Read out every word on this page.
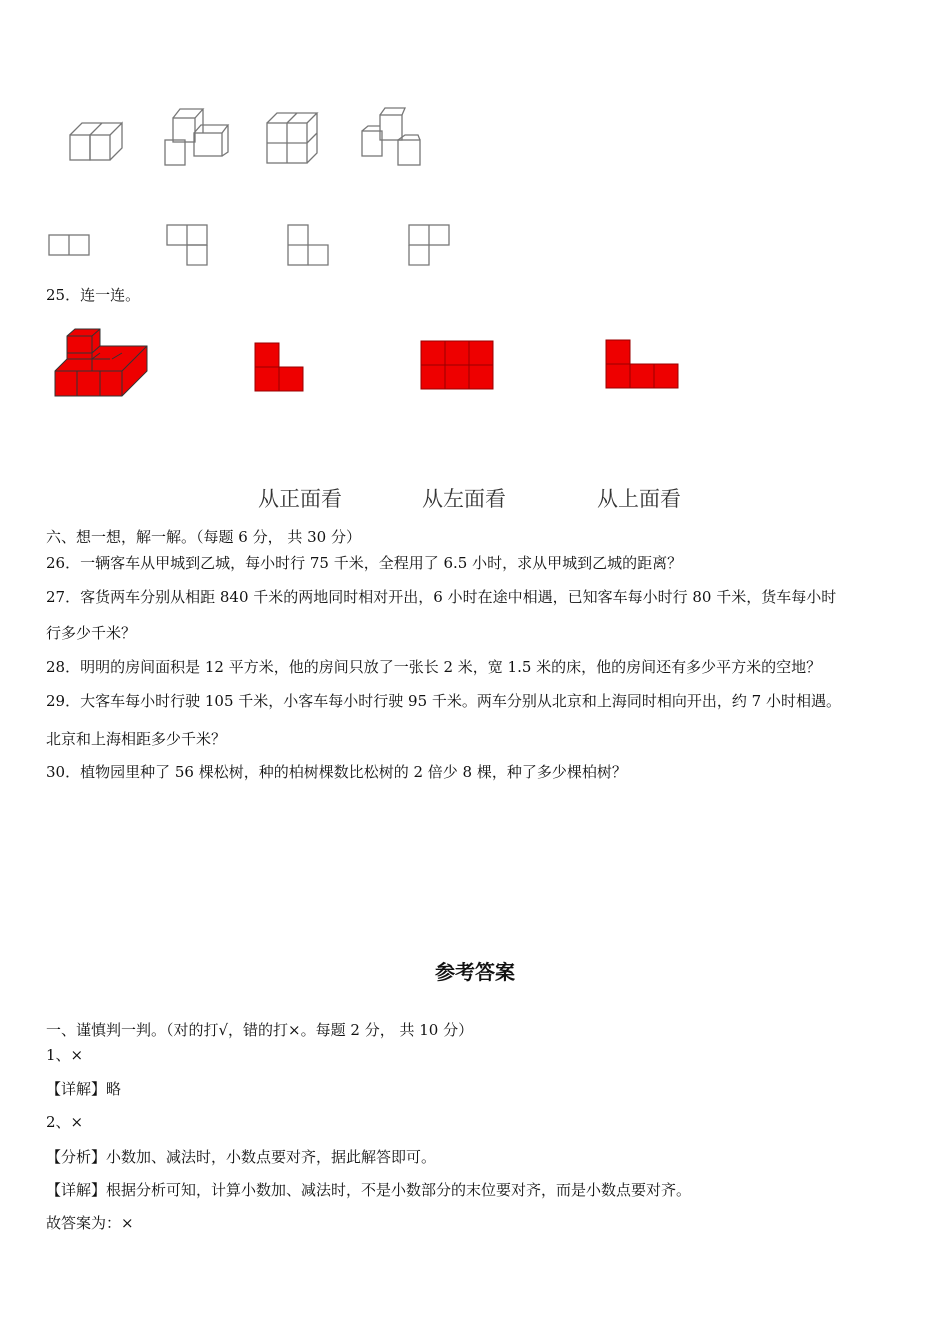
25．连一连。
从正面看	从左面看	从上面看
六、想一想，解一解。（每题 6 分， 共 30 分）
26．一辆客车从甲城到乙城，每小时行 75 千米，全程用了 6.5 小时，求从甲城到乙城的距离？
27．客货两车分别从相距 840 千米的两地同时相对开出，6 小时在途中相遇，已知客车每小时行 80 千米，货车每小时
行多少千米？
28．明明的房间面积是 12 平方米，他的房间只放了一张长 2 米，宽 1.5 米的床，他的房间还有多少平方米的空地？
29．大客车每小时行驶 105 千米，小客车每小时行驶 95 千米。两车分别从北京和上海同时相向开出，约 7 小时相遇。
北京和上海相距多少千米？
30．植物园里种了 56 棵松树，种的柏树棵数比松树的 2 倍少 8 棵，种了多少棵柏树？
参考答案
一、谨慎判一判。（对的打√，错的打×。每题 2 分， 共 10 分）
1、×
【详解】略
2、×
【分析】小数加、减法时，小数点要对齐，据此解答即可。
【详解】根据分析可知，计算小数加、减法时，不是小数部分的末位要对齐，而是小数点要对齐。
故答案为：×
